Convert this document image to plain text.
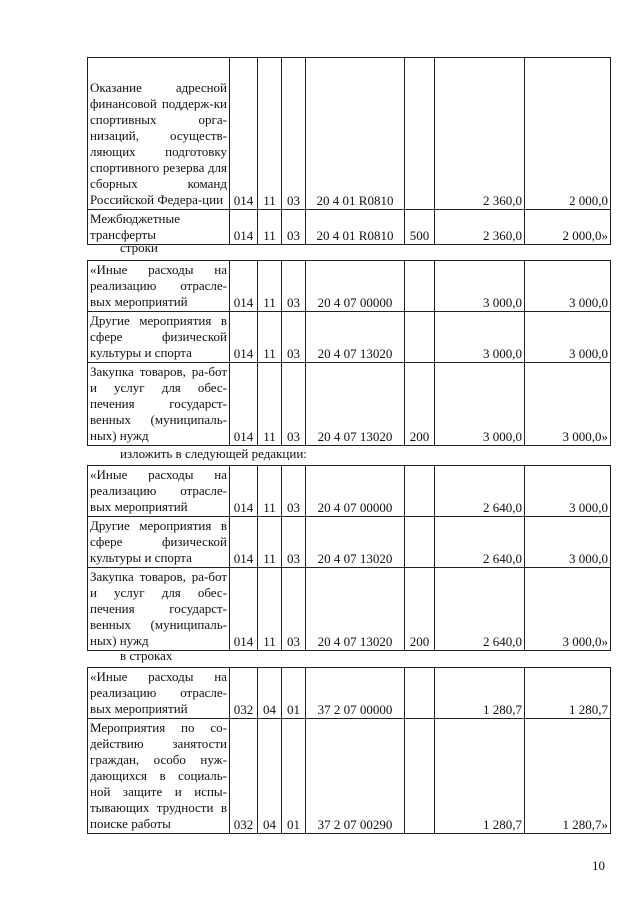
Оказание адресной финансовой поддерж-ки спортивных орга-низаций, осуществ-ляющих подготовку спортивного резерва для сборных команд Российской Федера-ции	014	11	03	20 4 01 R0810		2 360,0	2 000,0
Межбюджетные трансферты	014	11	03	20 4 01 R0810	500	2 360,0	2 000,0»
строки
«Иные расходы на реализацию отрасле-вых мероприятий	014	11	03	20 4 07 00000		3 000,0	3 000,0
Другие мероприятия в сфере физической культуры и спорта	014	11	03	20 4 07 13020		3 000,0	3 000,0
Закупка товаров, ра-бот и услуг для обес-печения государст-венных (муниципаль-ных) нужд	014	11	03	20 4 07 13020	200	3 000,0	3 000,0»
изложить в следующей редакции:
«Иные расходы на реализацию отрасле-вых мероприятий	014	11	03	20 4 07 00000		2 640,0	3 000,0
Другие мероприятия в сфере физической культуры и спорта	014	11	03	20 4 07 13020		2 640,0	3 000,0
Закупка товаров, ра-бот и услуг для обес-печения государст-венных (муниципаль-ных) нужд	014	11	03	20 4 07 13020	200	2 640,0	3 000,0»
в строках
«Иные расходы на реализацию отрасле-вых мероприятий	032	04	01	37 2 07 00000		1 280,7	1 280,7
Мероприятия по со-действию занятости граждан, особо нуж-дающихся в социаль-ной защите и испы-тывающих трудности в поиске работы	032	04	01	37 2 07 00290		1 280,7	1 280,7»
10
